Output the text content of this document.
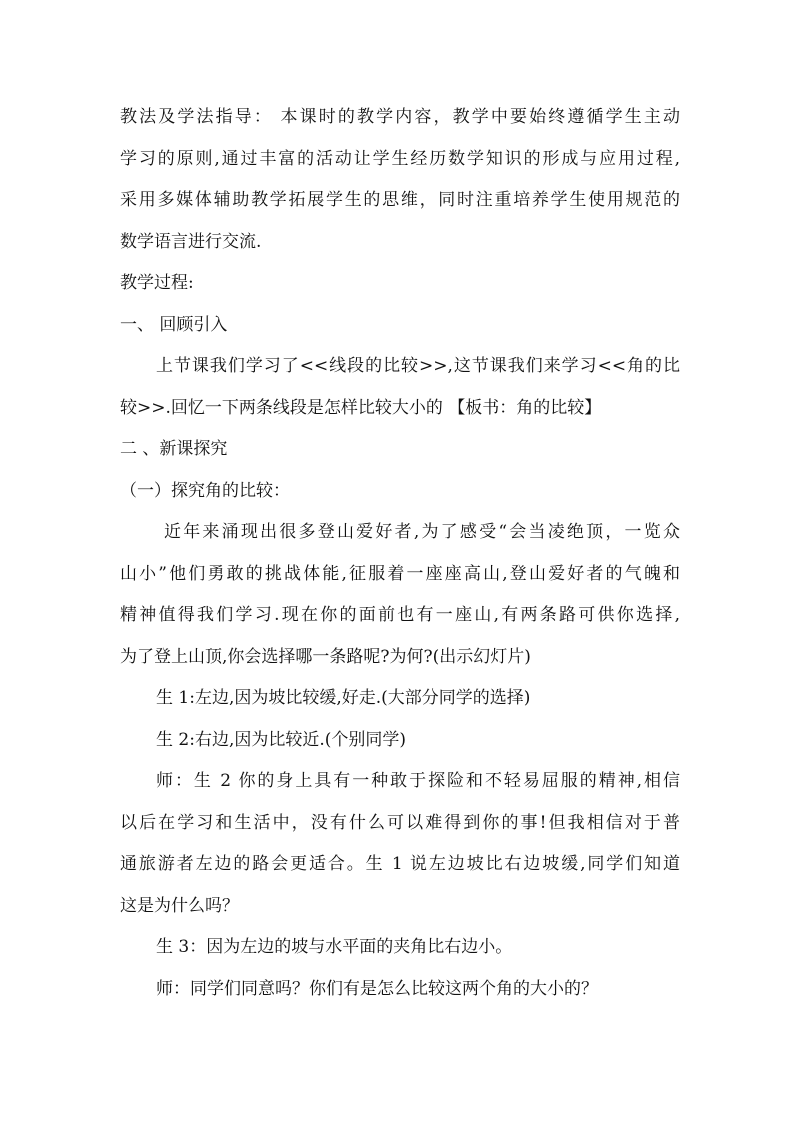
教法及学法指导： 本课时的教学内容，教学中要始终遵循学生主动
学习的原则,通过丰富的活动让学生经历数学知识的形成与应用过程,
采用多媒体辅助教学拓展学生的思维，同时注重培养学生使用规范的
数学语言进行交流.
教学过程:
一、 回顾引入
上节课我们学习了<<线段的比较>>,这节课我们来学习<<角的比
较>>.回忆一下两条线段是怎样比较大小的 【板书：角的比较】
二 、新课探究
（一）探究角的比较：
近年来涌现出很多登山爱好者,为了感受“会当凌绝顶，一览众
山小”他们勇敢的挑战体能,征服着一座座高山,登山爱好者的气魄和
精神值得我们学习.现在你的面前也有一座山,有两条路可供你选择,
为了登上山顶,你会选择哪一条路呢?为何?(出示幻灯片)
生 1:左边,因为坡比较缓,好走.(大部分同学的选择)
生 2:右边,因为比较近.(个别同学)
师：生 2 你的身上具有一种敢于探险和不轻易屈服的精神,相信
以后在学习和生活中，没有什么可以难得到你的事!但我相信对于普
通旅游者左边的路会更适合。生 1 说左边坡比右边坡缓,同学们知道
这是为什么吗？
生 3：因为左边的坡与水平面的夹角比右边小。
师：同学们同意吗？你们有是怎么比较这两个角的大小的？
